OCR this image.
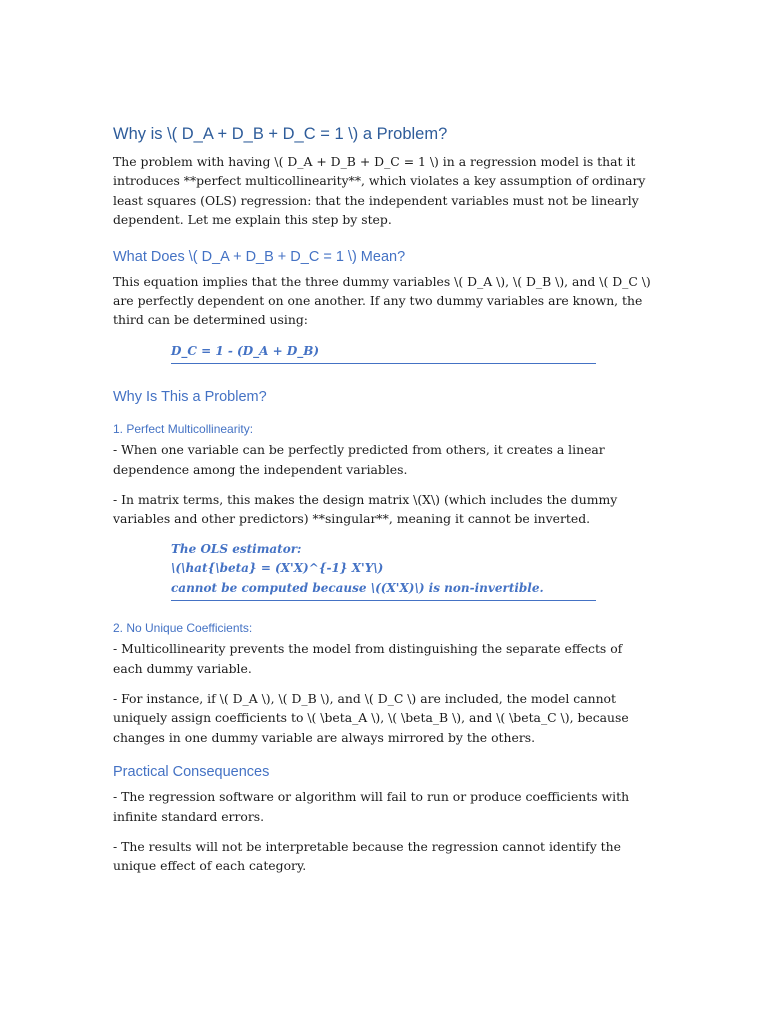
Why is \( D_A + D_B + D_C = 1 \) a Problem?

The problem with having \( D_A + D_B + D_C = 1 \) in a regression model is that it introduces **perfect multicollinearity**, which violates a key assumption of ordinary least squares (OLS) regression: that the independent variables must not be linearly dependent. Let me explain this step by step.

What Does \( D_A + D_B + D_C = 1 \) Mean?

This equation implies that the three dummy variables \( D_A \), \( D_B \), and \( D_C \) are perfectly dependent on one another. If any two dummy variables are known, the third can be determined using:

D_C = 1 - (D_A + D_B)
Why Is This a Problem?
1. Perfect Multicollinearity:

- When one variable can be perfectly predicted from others, it creates a linear dependence among the independent variables.

- In matrix terms, this makes the design matrix \(X\) (which includes the dummy variables and other predictors) **singular**, meaning it cannot be inverted.

The OLS estimator:
\(\hat{\beta} = (X'X)^{-1} X'Y\)
cannot be computed because \((X'X)\) is non-invertible.
2. No Unique Coefficients:

- Multicollinearity prevents the model from distinguishing the separate effects of each dummy variable.

- For instance, if \( D_A \), \( D_B \), and \( D_C \) are included, the model cannot uniquely assign coefficients to \( \beta_A \), \( \beta_B \), and \( \beta_C \), because changes in one dummy variable are always mirrored by the others.

Practical Consequences

- The regression software or algorithm will fail to run or produce coefficients with infinite standard errors.

- The results will not be interpretable because the regression cannot identify the unique effect of each category.
